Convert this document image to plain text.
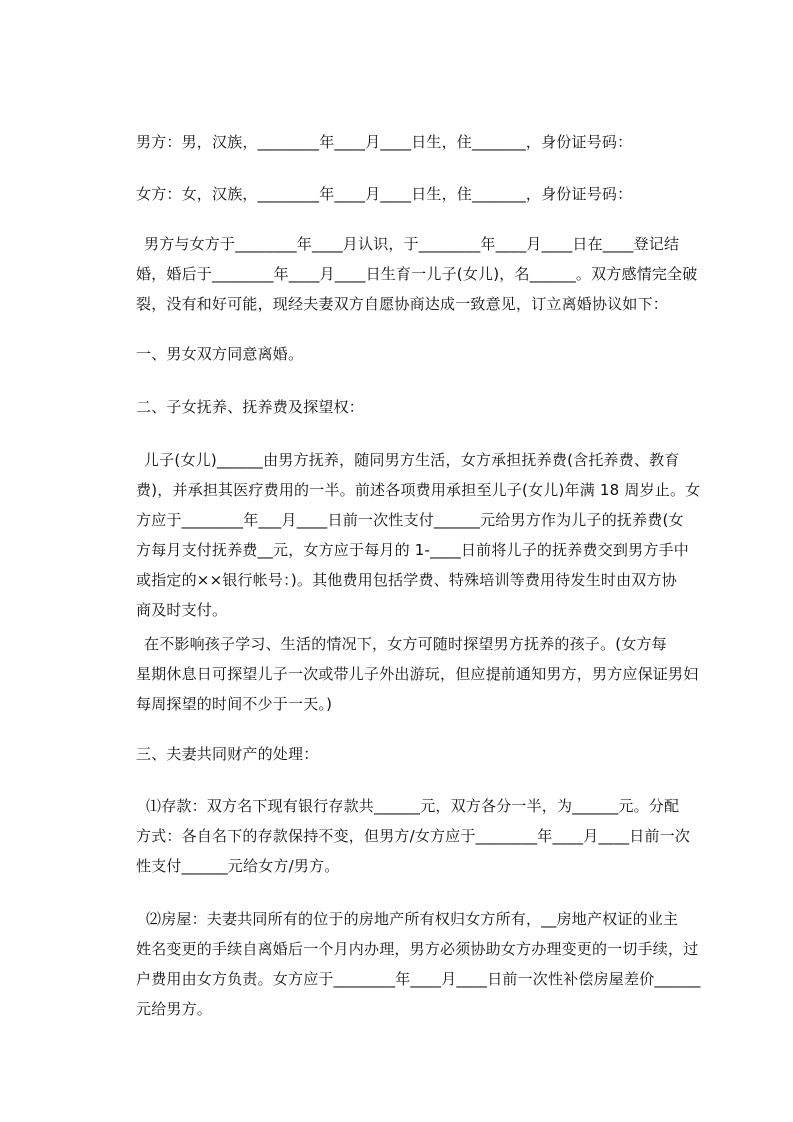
男方：男，汉族，________年____月____日生，住_______，身份证号码：
女方：女，汉族，________年____月____日生，住_______，身份证号码：
男方与女方于________年____月认识，于________年____月____日在____登记结
婚，婚后于________年____月____日生育一儿子(女儿)，名______。双方感情完全破
裂，没有和好可能，现经夫妻双方自愿协商达成一致意见，订立离婚协议如下：
一、男女双方同意离婚。
二、子女抚养、抚养费及探望权：
儿子(女儿)______由男方抚养，随同男方生活，女方承担抚养费(含托养费、教育
费)，并承担其医疗费用的一半。前述各项费用承担至儿子(女儿)年满 18 周岁止。女
方应于________年___月____日前一次性支付______元给男方作为儿子的抚养费(女
方每月支付抚养费__元，女方应于每月的 1-____日前将儿子的抚养费交到男方手中
或指定的××银行帐号：)。其他费用包括学费、特殊培训等费用待发生时由双方协
商及时支付。
在不影响孩子学习、生活的情况下，女方可随时探望男方抚养的孩子。(女方每
星期休息日可探望儿子一次或带儿子外出游玩，但应提前通知男方，男方应保证男妇
每周探望的时间不少于一天。)
三、夫妻共同财产的处理：
⑴存款：双方名下现有银行存款共______元，双方各分一半，为______元。分配
方式：各自名下的存款保持不变，但男方/女方应于________年____月____日前一次
性支付______元给女方/男方。
⑵房屋：夫妻共同所有的位于的房地产所有权归女方所有，__房地产权证的业主
姓名变更的手续自离婚后一个月内办理，男方必须协助女方办理变更的一切手续，过
户费用由女方负责。女方应于________年____月____日前一次性补偿房屋差价______
元给男方。
